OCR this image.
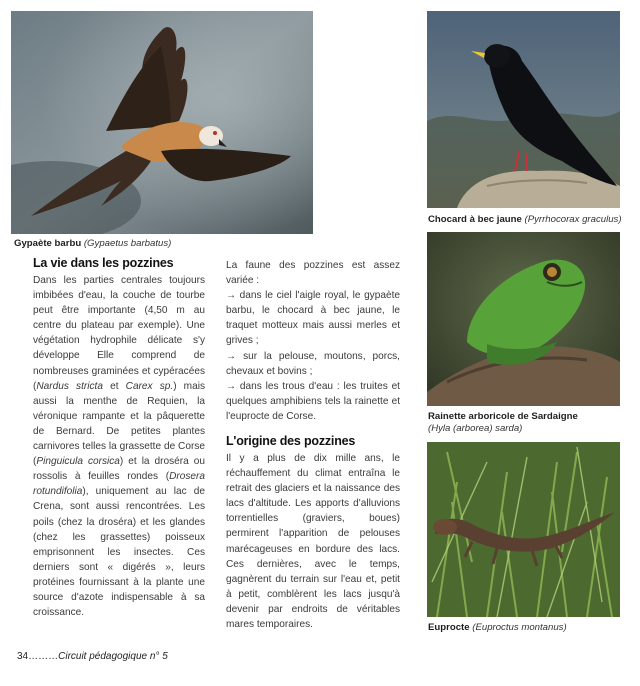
Gypaète barbu (Gypaetus barbatus)
Chocard à bec jaune (Pyrrhocorax graculus)
Rainette arboricole de Sardaigne
(Hyla (arborea) sarda)
Euprocte (Euproctus montanus)
La vie dans les pozzines

Dans les parties centrales toujours imbibées d'eau, la couche de tourbe peut être importante (4,50 m au centre du plateau par exemple). Une végétation hydrophile délicate s'y développe Elle comprend de nombreuses graminées et cypéracées (Nardus stricta et Carex sp.) mais aussi la menthe de Requien, la véronique rampante et la pâquerette de Bernard. De petites plantes carnivores telles la grassette de Corse (Pinguicula corsica) et la droséra ou rossolis à feuilles rondes (Drosera rotundifolia), uniquement au lac de Crena, sont aussi rencontrées. Les poils (chez la droséra) et les glandes (chez les grassettes) poisseux emprisonnent les insectes. Ces derniers sont « digérés », leurs protéines fournissant à la plante une source d'azote indispensable à sa croissance.

La faune des pozzines est assez variée :

→ dans le ciel l'aigle royal, le gypaète barbu, le chocard à bec jaune, le traquet motteux mais aussi merles et grives ;

→ sur la pelouse, moutons, porcs, chevaux et bovins ;

→ dans les trous d'eau : les truites et quelques amphibiens tels la rainette et l'euprocte de Corse.

L'origine des pozzines

Il y a plus de dix mille ans, le réchauffement du climat entraîna le retrait des glaciers et la naissance des lacs d'altitude. Les apports d'alluvions torrentielles (graviers, boues) permirent l'apparition de pelouses marécageuses en bordure des lacs. Ces dernières, avec le temps, gagnèrent du terrain sur l'eau et, petit à petit, comblèrent les lacs jusqu'à devenir par endroits de véritables mares temporaires.

34………Circuit pédagogique n° 5
